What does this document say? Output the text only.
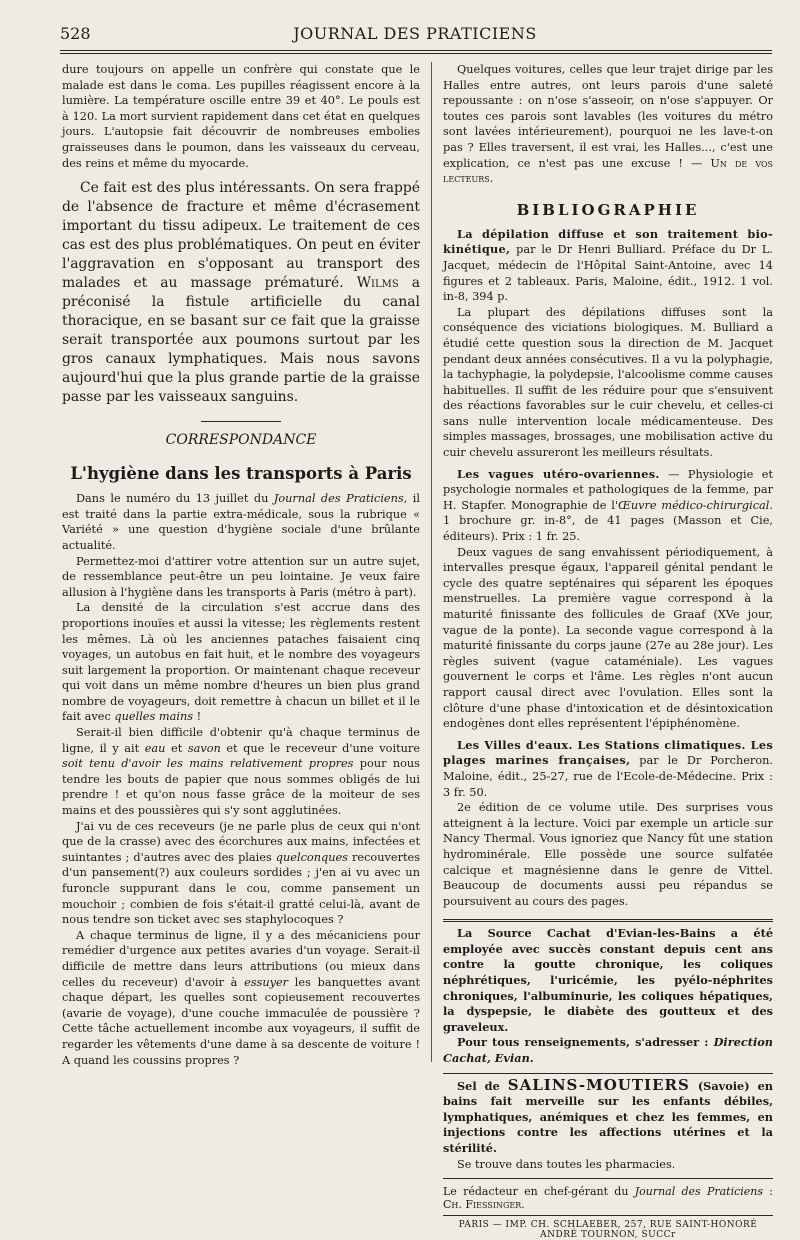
528	JOURNAL DES PRATICIENS

dure toujours on appelle un confrère qui constate que le malade est dans le coma. Les pupilles réagissent encore à la lumière. La température oscille entre 39 et 40°. Le pouls est à 120. La mort survient rapidement dans cet état en quelques jours. L'autopsie fait découvrir de nombreuses embolies graisseuses dans le poumon, dans les vaisseaux du cerveau, des reins et même du myocarde.

Ce fait est des plus intéressants. On sera frappé de l'absence de fracture et même d'écrasement important du tissu adipeux. Le traitement de ces cas est des plus problématiques. On peut en éviter l'aggravation en s'opposant au transport des malades et au massage prématuré. Wilms a préconisé la fistule artificielle du canal thoracique, en se basant sur ce fait que la graisse serait transportée aux poumons surtout par les gros canaux lymphatiques. Mais nous savons aujourd'hui que la plus grande partie de la graisse passe par les vaisseaux sanguins.

CORRESPONDANCE
L'hygiène dans les transports à Paris

Dans le numéro du 13 juillet du Journal des Praticiens, il est traité dans la partie extra-médicale, sous la rubrique « Variété » une question d'hygiène sociale d'une brûlante actualité.

Permettez-moi d'attirer votre attention sur un autre sujet, de ressemblance peut-être un peu lointaine. Je veux faire allusion à l'hygiène dans les transports à Paris (métro à part).

La densité de la circulation s'est accrue dans des proportions inouïes et aussi la vitesse; les règlements restent les mêmes. Là où les anciennes pataches faisaient cinq voyages, un autobus en fait huit, et le nombre des voyageurs suit largement la proportion. Or maintenant chaque receveur qui voit dans un même nombre d'heures un bien plus grand nombre de voyageurs, doit remettre à chacun un billet et il le fait avec quelles mains !

Serait-il bien difficile d'obtenir qu'à chaque terminus de ligne, il y ait eau et savon et que le receveur d'une voiture soit tenu d'avoir les mains relativement propres pour nous tendre les bouts de papier que nous sommes obligés de lui prendre ! et qu'on nous fasse grâce de la moiteur de ses mains et des poussières qui s'y sont agglutinées.

J'ai vu de ces receveurs (je ne parle plus de ceux qui n'ont que de la crasse) avec des écorchures aux mains, infectées et suintantes ; d'autres avec des plaies quelconques recouvertes d'un pansement(?) aux couleurs sordides ; j'en ai vu avec un furoncle suppurant dans le cou, comme pansement un mouchoir ; combien de fois s'était-il gratté celui-là, avant de nous tendre son ticket avec ses staphylocoques ?

A chaque terminus de ligne, il y a des mécaniciens pour remédier d'urgence aux petites avaries d'un voyage. Serait-il difficile de mettre dans leurs attributions (ou mieux dans celles du receveur) d'avoir à essuyer les banquettes avant chaque départ, les quelles sont copieusement recouvertes (avarie de voyage), d'une couche immaculée de poussière ? Cette tâche actuellement incombe aux voyageurs, il suffit de regarder les vêtements d'une dame à sa descente de voiture ! A quand les coussins propres ?

Quelques voitures, celles que leur trajet dirige par les Halles entre autres, ont leurs parois d'une saleté repoussante : on n'ose s'asseoir, on n'ose s'appuyer. Or toutes ces parois sont lavables (les voitures du métro sont lavées intérieurement), pourquoi ne les lave-t-on pas ? Elles traversent, il est vrai, les Halles..., c'est une explication, ce n'est pas une excuse ! — Un de vos lecteurs.

BIBLIOGRAPHIE

La dépilation diffuse et son traitement bio-kinétique, par le Dr Henri Bulliard. Préface du Dr L. Jacquet, médecin de l'Hôpital Saint-Antoine, avec 14 figures et 2 tableaux. Paris, Maloine, édit., 1912. 1 vol. in-8, 394 p.

La plupart des dépilations diffuses sont la conséquence des viciations biologiques. M. Bulliard a étudié cette question sous la direction de M. Jacquet pendant deux années consécutives. Il a vu la polyphagie, la tachyphagie, la polydepsie, l'alcoolisme comme causes habituelles. Il suffit de les réduire pour que s'ensuivent des réactions favorables sur le cuir chevelu, et celles-ci sans nulle intervention locale médicamenteuse. Des simples massages, brossages, une mobilisation active du cuir chevelu assureront les meilleurs résultats.

Les vagues utéro-ovariennes. — Physiologie et psychologie normales et pathologiques de la femme, par H. Stapfer. Monographie de l'Œuvre médico-chirurgical. 1 brochure gr. in-8°, de 41 pages (Masson et Cie, éditeurs). Prix : 1 fr. 25.

Deux vagues de sang envahissent périodiquement, à intervalles presque égaux, l'appareil génital pendant le cycle des quatre septénaires qui séparent les époques menstruelles. La première vague correspond à la maturité finissante des follicules de Graaf (XVe jour, vague de la ponte). La seconde vague correspond à la maturité finissante du corps jaune (27e au 28e jour). Les règles suivent (vague cataméniale). Les vagues gouvernent le corps et l'âme. Les règles n'ont aucun rapport causal direct avec l'ovulation. Elles sont la clôture d'une phase d'intoxication et de désintoxication endogènes dont elles représentent l'épiphénomène.

Les Villes d'eaux. Les Stations climatiques. Les plages marines françaises, par le Dr Porcheron. Maloine, édit., 25-27, rue de l'Ecole-de-Médecine. Prix : 3 fr. 50.

2e édition de ce volume utile. Des surprises vous atteignent à la lecture. Voici par exemple un article sur Nancy Thermal. Vous ignoriez que Nancy fût une station hydrominérale. Elle possède une source sulfatée calcique et magnésienne dans le genre de Vittel. Beaucoup de documents aussi peu répandus se poursuivent au cours des pages.

La Source Cachat d'Evian-les-Bains a été employée avec succès constant depuis cent ans contre la goutte chronique, les coliques néphrétiques, l'uricémie, les pyélo-néphrites chroniques, l'albuminurie, les coliques hépatiques, la dyspepsie, le diabète des goutteux et des graveleux.

Pour tous renseignements, s'adresser : Direction Cachat, Evian.

Sel de SALINS-MOUTIERS (Savoie) en bains fait merveille sur les enfants débiles, lymphatiques, anémiques et chez les femmes, en injections contre les affections utérines et la stérilité.

Se trouve dans toutes les pharmacies.

Le rédacteur en chef-gérant du Journal des Praticiens : Ch. Fiessinger.

PARIS — IMP. CH. SCHLAEBER, 257, RUE SAINT-HONORÉ
ANDRÉ TOURNON, SUCCr
